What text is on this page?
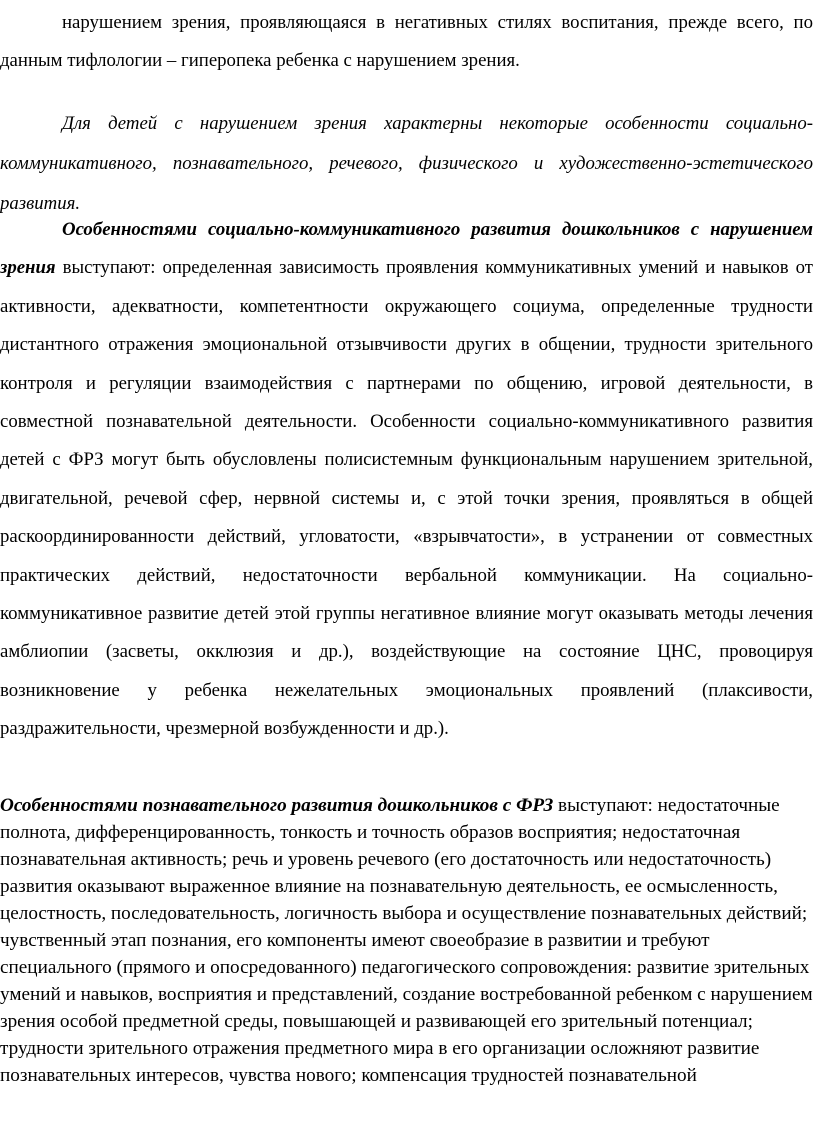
нарушением зрения, проявляющаяся в негативных стилях воспитания, прежде всего, по данным тифлологии – гиперопека ребенка с нарушением зрения.

Для детей с нарушением зрения характерны некоторые особенности социально-коммуникативного, познавательного, речевого, физического и художественно-эстетического развития.

Особенностями социально-коммуникативного развития дошкольников с нарушением зрения выступают: определенная зависимость проявления коммуникативных умений и навыков от активности, адекватности, компетентности окружающего социума, определенные трудности дистантного отражения эмоциональной отзывчивости других в общении, трудности зрительного контроля и регуляции взаимодействия с партнерами по общению, игровой деятельности, в совместной познавательной деятельности. Особенности социально-коммуникативного развития детей с ФРЗ могут быть обусловлены полисистемным функциональным нарушением зрительной, двигательной, речевой сфер, нервной системы и, с этой точки зрения, проявляться в общей раскоординированности действий, угловатости, «взрывчатости», в устранении от совместных практических действий, недостаточности вербальной коммуникации. На социально-коммуникативное развитие детей этой группы негативное влияние могут оказывать методы лечения амблиопии (засветы, окклюзия и др.), воздействующие на состояние ЦНС, провоцируя возникновение у ребенка нежелательных эмоциональных проявлений (плаксивости, раздражительности, чрезмерной возбужденности и др.).

Особенностями познавательного развития дошкольников с ФРЗ выступают: недостаточные полнота, дифференцированность, тонкость и точность образов восприятия; недостаточная познавательная активность; речь и уровень речевого (его достаточность или недостаточность) развития оказывают выраженное влияние на познавательную деятельность, ее осмысленность, целостность, последовательность, логичность выбора и осуществление познавательных действий; чувственный этап познания, его компоненты имеют своеобразие в развитии и требуют специального (прямого и опосредованного) педагогического сопровождения: развитие зрительных умений и навыков, восприятия и представлений, создание востребованной ребенком с нарушением зрения особой предметной среды, повышающей и развивающей его зрительный потенциал; трудности зрительного отражения предметного мира в его организации осложняют развитие познавательных интересов, чувства нового; компенсация трудностей познавательной
